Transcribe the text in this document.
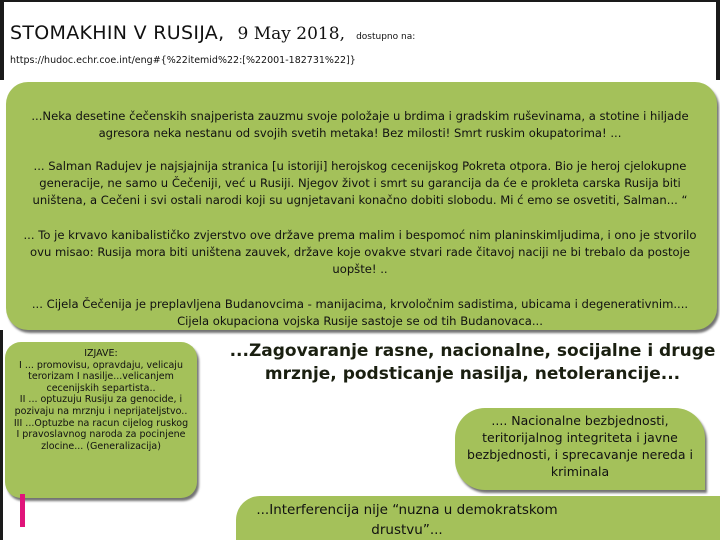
STOMAKHIN V RUSIJA, 9 May 2018, dostupno na:
https://hudoc.echr.coe.int/eng#{%22itemid%22:[%22001-182731%22]}
...Neka desetine čečenskih snajperista zauzmu svoje položaje u brdima i gradskim ruševinama, a stotine i hiljade agresora neka nestanu od svojih svetih metaka! Bez milosti! Smrt ruskim okupatorima! ...
... Salman Radujev je najsjajnija stranica [u istoriji] herojskog cecenijskog Pokreta otpora. Bio je heroj cjelokupne generacije, ne samo u Čečeniji, već u Rusiji. Njegov život i smrt su garancija da će e prokleta carska Rusija biti uništena, a Cečeni i svi ostali narodi koji su ugnjetavani konačno dobiti slobodu. Mi ć emo se osvetiti, Salman... “
... To je krvavo kanibalističko zvjerstvo ove države prema malim i bespomoć nim planinskimljudima, i ono je stvorilo ovu misao: Rusija mora biti uništena zauvek, države koje ovakve stvari rade čitavoj naciji ne bi trebalo da postoje uopšte! ..
... Cijela Čečenija je preplavljena Budanovcima - manijacima, krvoločnim sadistima, ubicama i degenerativnim.... Cijela okupaciona vojska Rusije sastoje se od tih Budanovaca...
IZJAVE:
I ... promovisu, opravdaju, velicaju terorizam I nasilje...velicanjem cecenijskih separtista..
II ... optuzuju Rusiju za genocide, i pozivaju na mrznju i neprijateljstvo..
III ...Optuzbe na racun cijelog ruskog I pravoslavnog naroda za pocinjene zlocine... (Generalizacija)
...Zagovaranje rasne, nacionalne, socijalne i druge mrznje, podsticanje nasilja, netolerancije...
.... Nacionalne bezbjednosti, teritorijalnog integriteta i javne bezbjednosti, i sprecavanje nereda i kriminala
...Interferencija nije “nuzna u demokratskom drustvu”...
